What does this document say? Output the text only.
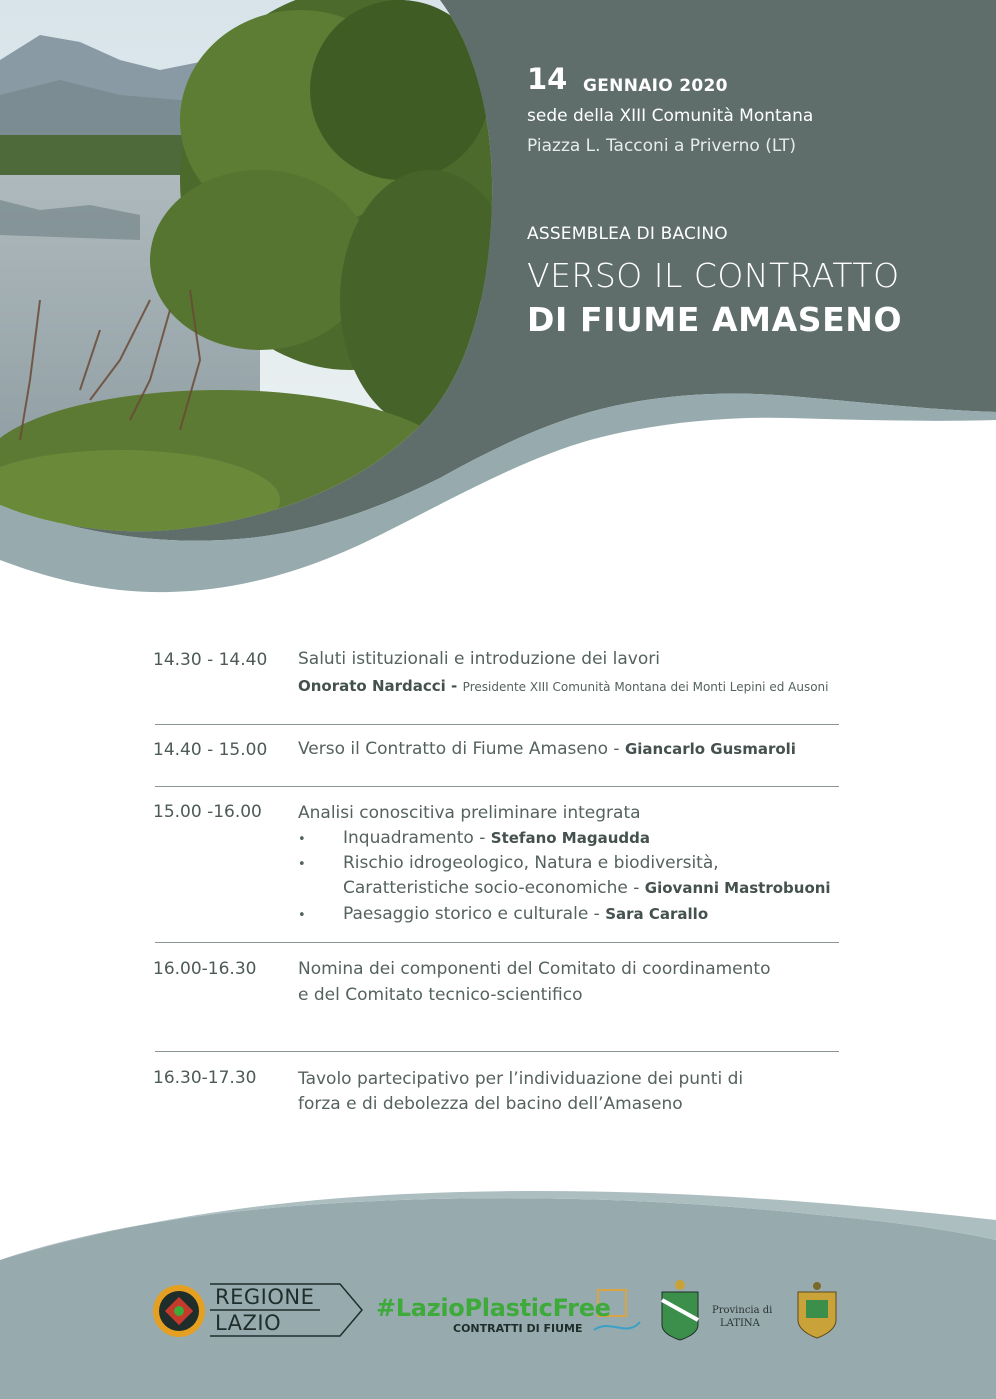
14 GENNAIO 2020
sede della XIII Comunità Montana
Piazza L. Tacconi a Priverno (LT)
ASSEMBLEA DI BACINO
VERSO IL CONTRATTO
DI FIUME AMASENO
14.30 - 14.40 Saluti istituzionali e introduzione dei lavori
Onorato Nardacci - Presidente XIII Comunità Montana dei Monti Lepini ed Ausoni
14.40 - 15.00 Verso il Contratto di Fiume Amaseno - Giancarlo Gusmaroli
15.00 -16.00 Analisi conoscitiva preliminare integrata
• Inquadramento - Stefano Magaudda
• Rischio idrogeologico, Natura e biodiversità,
Caratteristiche socio-economiche - Giovanni Mastrobuoni
• Paesaggio storico e culturale - Sara Carallo
16.00-16.30 Nomina dei componenti del Comitato di coordinamento
e del Comitato tecnico-scientifico
16.30-17.30 Tavolo partecipativo per l’individuazione dei punti di
forza e di debolezza del bacino dell’Amaseno
REGIONE
LAZIO
#LazioPlasticFree
CONTRATTI DI FIUME
Provincia di
LATINA
